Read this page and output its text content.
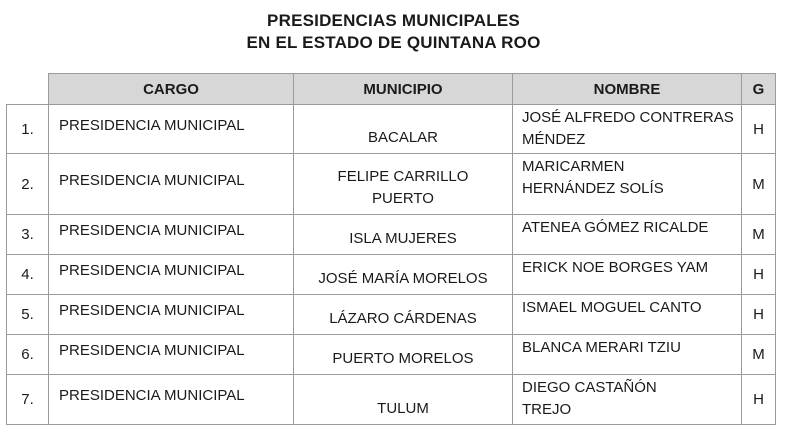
PRESIDENCIAS MUNICIPALES
EN EL ESTADO DE QUINTANA ROO
	CARGO	MUNICIPIO	NOMBRE	G
1.	PRESIDENCIA MUNICIPAL	BACALAR	JOSÉ ALFREDO CONTRERAS MÉNDEZ	H
2.	PRESIDENCIA MUNICIPAL	FELIPE CARRILLO PUERTO	MARICARMEN HERNÁNDEZ SOLÍS	M
3.	PRESIDENCIA MUNICIPAL	ISLA MUJERES	ATENEA GÓMEZ RICALDE	M
4.	PRESIDENCIA MUNICIPAL	JOSÉ MARÍA MORELOS	ERICK NOE BORGES YAM	H
5.	PRESIDENCIA MUNICIPAL	LÁZARO CÁRDENAS	ISMAEL MOGUEL CANTO	H
6.	PRESIDENCIA MUNICIPAL	PUERTO MORELOS	BLANCA MERARI TZIU	M
7.	PRESIDENCIA MUNICIPAL	TULUM	DIEGO CASTAÑÓN TREJO	H
